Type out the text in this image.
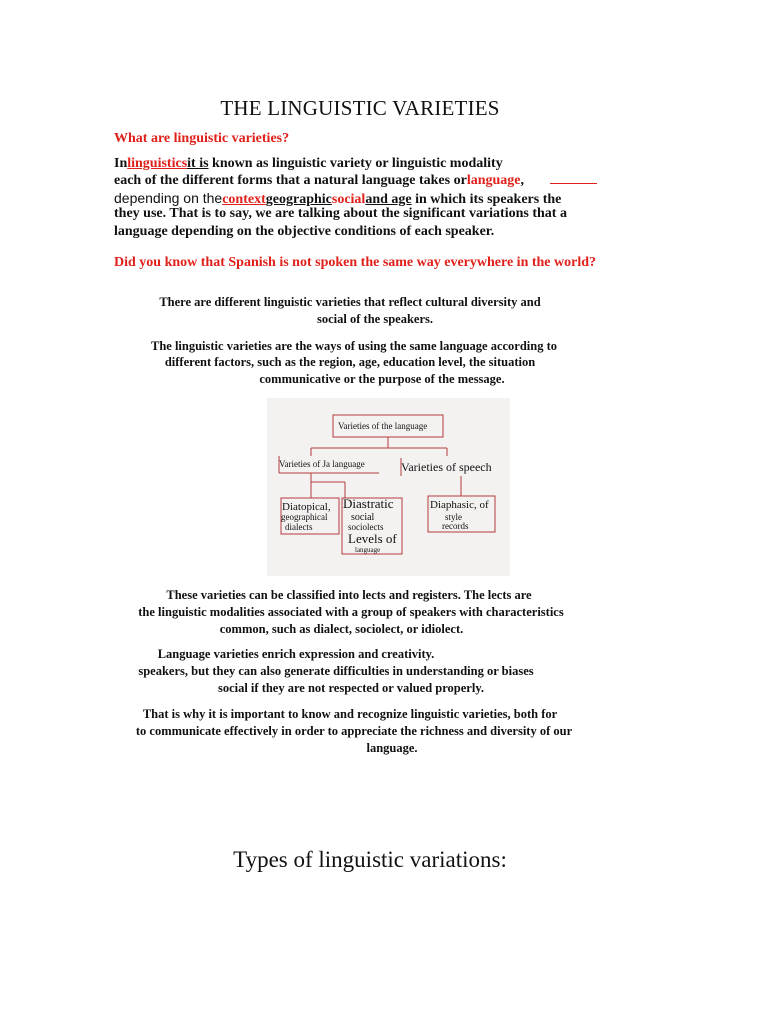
THE LINGUISTIC VARIETIES
What are linguistic varieties?
Inlinguisticsit is known as linguistic variety or linguistic modality
each of the different forms that a natural language takes orlanguage,
depending on thecontextgeographicsocialand age in which its speakers the
they use. That is to say, we are talking about the significant variations that a
language depending on the objective conditions of each speaker.
Did you know that Spanish is not spoken the same way everywhere in the world?
There are different linguistic varieties that reflect cultural diversity and
social of the speakers.
The linguistic varieties are the ways of using the same language according to
different factors, such as the region, age, education level, the situation
communicative or the purpose of the message.
Varieties of the language
Varieties of Ja language	Varieties of speech
Diatopical,
geographical
dialects
Diastratic
social
sociolects
Levels of
language
Diaphasic, of
style
records
These varieties can be classified into lects and registers. The lects are
the linguistic modalities associated with a group of speakers with characteristics
common, such as dialect, sociolect, or idiolect.
Language varieties enrich expression and creativity.
speakers, but they can also generate difficulties in understanding or biases
social if they are not respected or valued properly.
That is why it is important to know and recognize linguistic varieties, both for
to communicate effectively in order to appreciate the richness and diversity of our
language.
Types of linguistic variations:
